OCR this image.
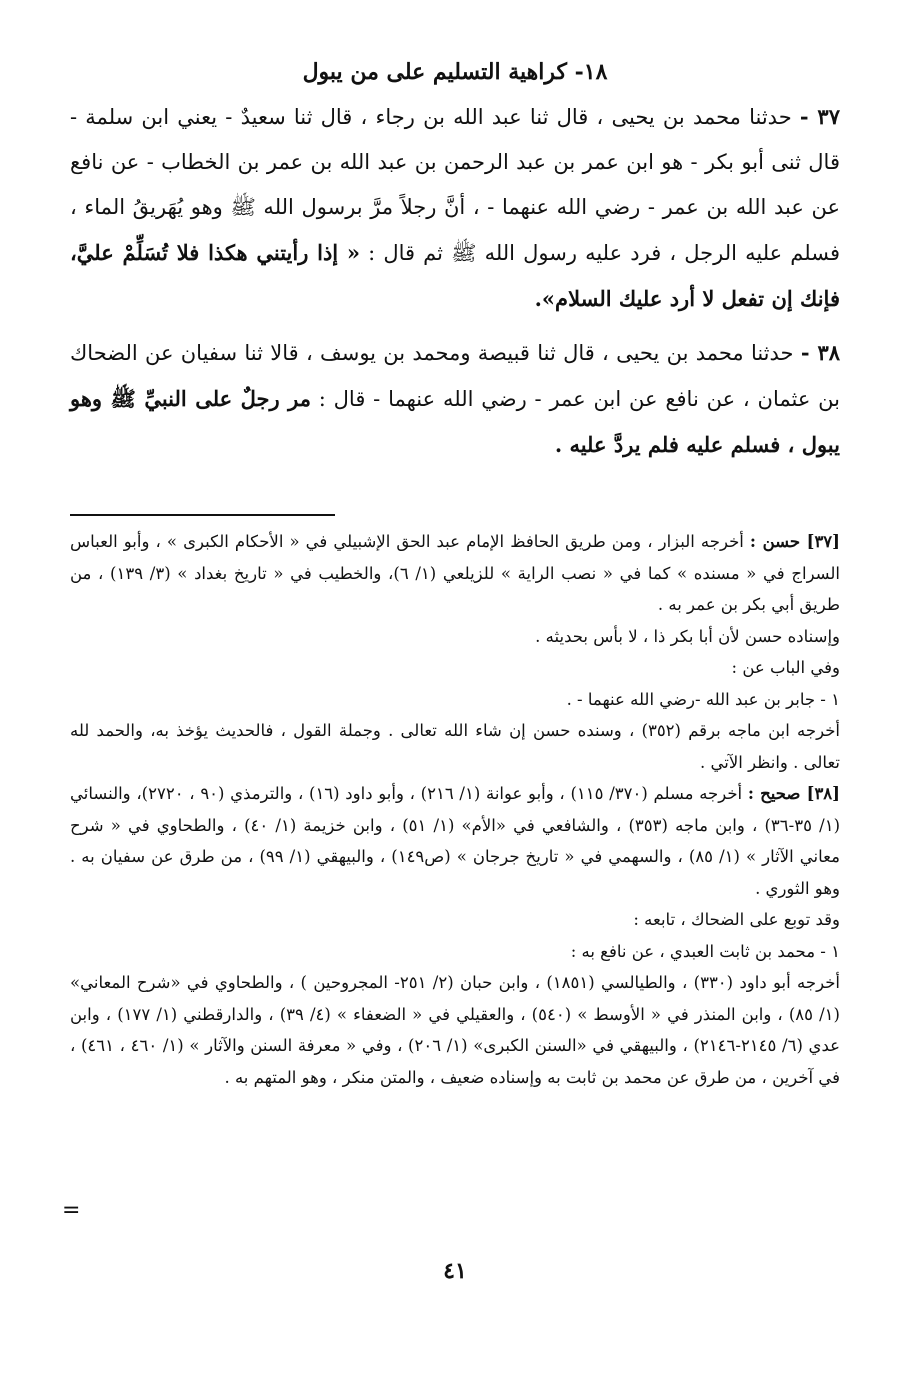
١٨- كراهية التسليم على من يبول

٣٧ - حدثنا محمد بن يحيى ، قال ثنا عبد الله بن رجاء ، قال ثنا سعيدٌ - يعني ابن سلمة - قال ثنى أبو بكر - هو ابن عمر بن عبد الرحمن بن عبد الله بن عمر بن الخطاب - عن نافع عن عبد الله بن عمر - رضي الله عنهما - ، أنَّ رجلاً مرَّ برسول الله ﷺ وهو يُهَريقُ الماء ، فسلم عليه الرجل ، فرد عليه رسول الله ﷺ ثم قال : « إذا رأيتني هكذا فلا تُسَلِّمْ عليَّ، فإنك إن تفعل لا أرد عليك السلام».

٣٨ - حدثنا محمد بن يحيى ، قال ثنا قبيصة ومحمد بن يوسف ، قالا ثنا سفيان عن الضحاك بن عثمان ، عن نافع عن ابن عمر - رضي الله عنهما - قال : مر رجلٌ على النبيِّ ﷺ وهو يبول ، فسلم عليه فلم يردَّ عليه .

[٣٧] حسن : أخرجه البزار ، ومن طريق الحافظ الإمام عبد الحق الإشبيلي في « الأحكام الكبرى » ، وأبو العباس السراج في « مسنده » كما في « نصب الراية » للزيلعي (١/ ٦)، والخطيب في « تاريخ بغداد » (٣/ ١٣٩) ، من طريق أبي بكر بن عمر به .

وإسناده حسن لأن أبا بكر ذا ، لا بأس بحديثه .

وفي الباب عن :

١ - جابر بن عبد الله -رضي الله عنهما - .

أخرجه ابن ماجه برقم (٣٥٢) ، وسنده حسن إن شاء الله تعالى . وجملة القول ، فالحديث يؤخذ به، والحمد لله تعالى . وانظر الآتي .

[٣٨] صحيح : أخرجه مسلم (٣٧٠/ ١١٥) ، وأبو عوانة (١/ ٢١٦) ، وأبو داود (١٦) ، والترمذي (٩٠ ، ٢٧٢٠)، والنسائي (١/ ٣٥-٣٦) ، وابن ماجه (٣٥٣) ، والشافعي في «الأم» (١/ ٥١) ، وابن خزيمة (١/ ٤٠) ، والطحاوي في « شرح معاني الآثار » (١/ ٨٥) ، والسهمي في « تاريخ جرجان » (ص١٤٩) ، والبيهقي (١/ ٩٩) ، من طرق عن سفيان به . وهو الثوري .

وقد توبع على الضحاك ، تابعه :

١ - محمد بن ثابت العبدي ، عن نافع به :

أخرجه أبو داود (٣٣٠) ، والطيالسي (١٨٥١) ، وابن حبان (٢/ ٢٥١- المجروحين ) ، والطحاوي في «شرح المعاني» (١/ ٨٥) ، وابن المنذر في « الأوسط » (٥٤٠) ، والعقيلي في « الضعفاء » (٤/ ٣٩) ، والدارقطني (١/ ١٧٧) ، وابن عدي (٦/ ٢١٤٥-٢١٤٦) ، والبيهقي في «السنن الكبرى» (١/ ٢٠٦) ، وفي « معرفة السنن والآثار » (١/ ٤٦٠ ، ٤٦١) ، في آخرين ، من طرق عن محمد بن ثابت به وإسناده ضعيف ، والمتن منكر ، وهو المتهم به .

٤١
=
